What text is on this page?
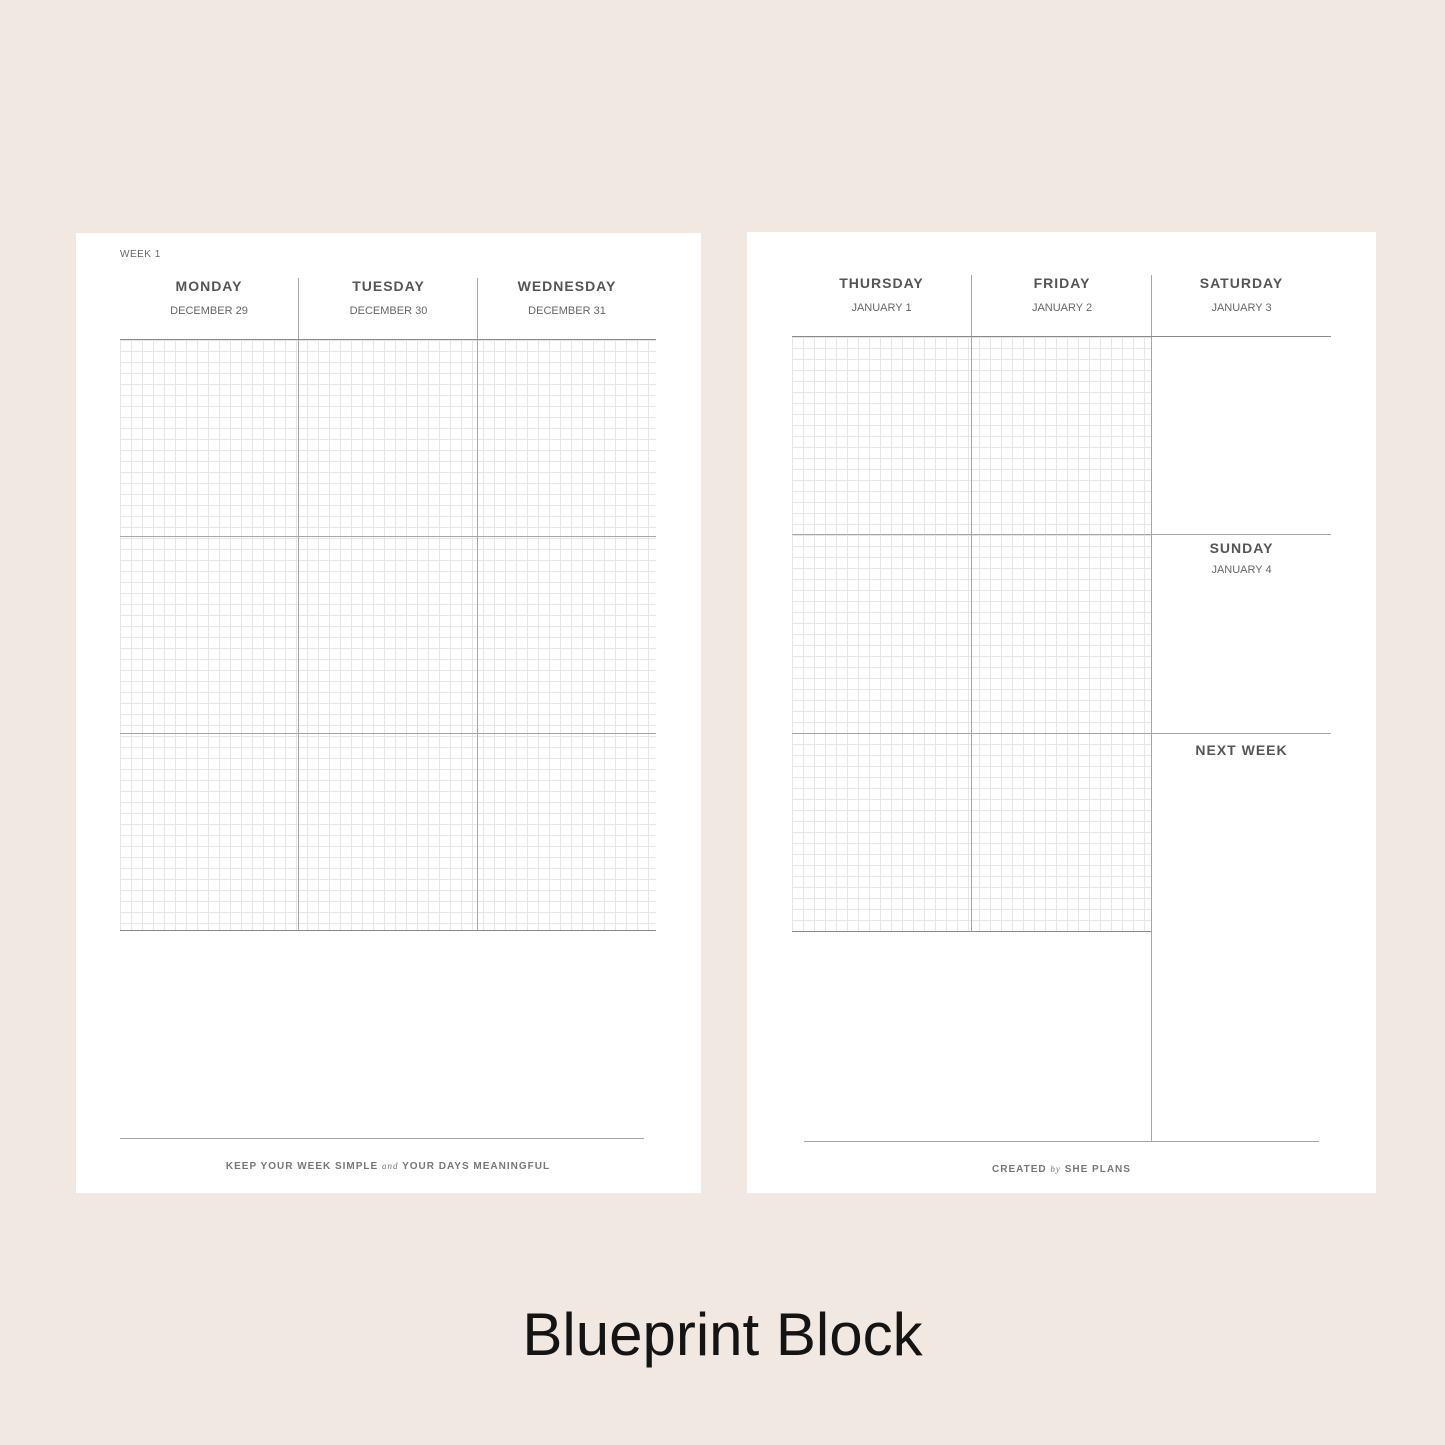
WEEK 1
MONDAY
DECEMBER 29
TUESDAY
DECEMBER 30
WEDNESDAY
DECEMBER 31
KEEP YOUR WEEK SIMPLE and YOUR DAYS MEANINGFUL
THURSDAY
JANUARY 1
FRIDAY
JANUARY 2
SATURDAY
JANUARY 3
SUNDAY
JANUARY 4
NEXT WEEK
CREATED by SHE PLANS
Blueprint Block
